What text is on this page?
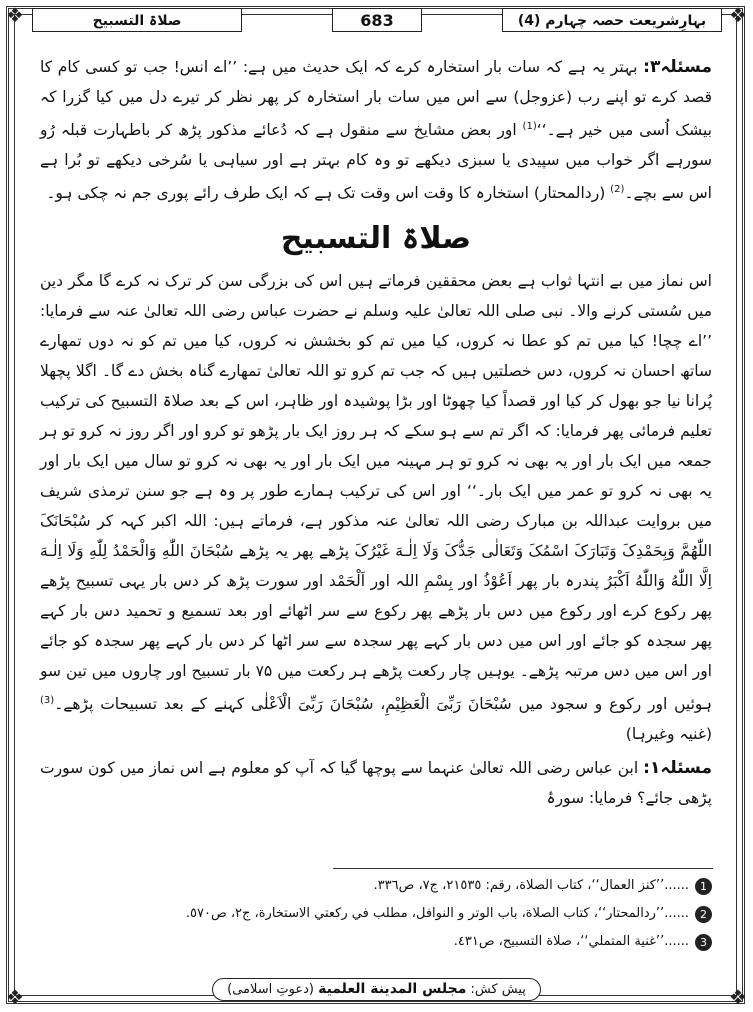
❖	❖
❖	❖
بہارِشریعت حصہ چہارم (4)
683
صلاۃ التسبیح

مسئلہ۳: بہتر یہ ہے کہ سات بار استخارہ کرے کہ ایک حدیث میں ہے: ’’اے انس! جب تو کسی کام کا قصد کرے تو اپنے رب (عزوجل) سے اس میں سات بار استخارہ کر پھر نظر کر تیرے دل میں کیا گزرا کہ بیشک اُسی میں خیر ہے۔‘‘$^{(1)}$ اور بعض مشایخ سے منقول ہے کہ دُعائے مذکور پڑھ کر باطہارت قبلہ رُو سورہے اگر خواب میں سپیدی یا سبزی دیکھے تو وہ کام بہتر ہے اور سیاہی یا سُرخی دیکھے تو بُرا ہے اس سے بچے۔$^{(2)}$ (ردالمحتار) استخارہ کا وقت اس وقت تک ہے کہ ایک طرف رائے پوری جم نہ چکی ہو۔

صلاۃ التسبیح

اس نماز میں بے انتہا ثواب ہے بعض محققین فرماتے ہیں اس کی بزرگی سن کر ترک نہ کرے گا مگر دین میں سُستی کرنے والا۔ نبی صلی اللہ تعالیٰ علیہ وسلم نے حضرت عباس رضی اللہ تعالیٰ عنہ سے فرمایا: ’’اے چچا! کیا میں تم کو عطا نہ کروں، کیا میں تم کو بخشش نہ کروں، کیا میں تم کو نہ دوں تمھارے ساتھ احسان نہ کروں، دس خصلتیں ہیں کہ جب تم کرو تو اللہ تعالیٰ تمھارے گناہ بخش دے گا۔ اگلا پچھلا پُرانا نیا جو بھول کر کیا اور قصداً کیا چھوٹا اور بڑا پوشیدہ اور ظاہر، اس کے بعد صلاۃ التسبیح کی ترکیب تعلیم فرمائی پھر فرمایا: کہ اگر تم سے ہو سکے کہ ہر روز ایک بار پڑھو تو کرو اور اگر روز نہ کرو تو ہر جمعہ میں ایک بار اور یہ بھی نہ کرو تو ہر مہینہ میں ایک بار اور یہ بھی نہ کرو تو سال میں ایک بار اور یہ بھی نہ کرو تو عمر میں ایک بار۔‘‘ اور اس کی ترکیب ہمارے طور پر وہ ہے جو سنن ترمذی شریف میں بروایت عبداللہ بن مبارک رضی اللہ تعالیٰ عنہ مذکور ہے، فرماتے ہیں: اللہ اکبر کہہ کر سُبْحَانَکَ اللّٰھُمَّ وَبِحَمْدِکَ وَتَبَارَکَ اسْمُکَ وَتَعَالٰی جَدُّکَ وَلَا اِلٰـهَ غَیْرُکَ پڑھے پھر یہ پڑھے سُبْحَانَ اللّٰهِ وَالْحَمْدُ لِلّٰهِ وَلَا اِلٰـهَ اِلَّا اللّٰهُ وَاللّٰهُ اَکْبَرُ پندرہ بار پھر اَعُوْذُ اور بِسْمِ اللہ اور اَلْحَمْد اور سورت پڑھ کر دس بار یہی تسبیح پڑھے پھر رکوع کرے اور رکوع میں دس بار پڑھے پھر رکوع سے سر اٹھائے اور بعد تسمیع و تحمید دس بار کہے پھر سجدہ کو جائے اور اس میں دس بار کہے پھر سجدہ سے سر اٹھا کر دس بار کہے پھر سجدہ کو جائے اور اس میں دس مرتبہ پڑھے۔ یوہیں چار رکعت پڑھے ہر رکعت میں ۷۵ بار تسبیح اور چاروں میں تین سو ہوئیں اور رکوع و سجود میں سُبْحَانَ رَبِّیَ الْعَظِیْمِ، سُبْحَانَ رَبِّیَ الْاَعْلٰی کہنے کے بعد تسبیحات پڑھے۔$^{(3)}$ (غنیہ وغیرہا)

مسئلہ۱: ابن عباس رضی اللہ تعالیٰ عنہما سے پوچھا گیا کہ آپ کو معلوم ہے اس نماز میں کون سورت پڑھی جائے؟ فرمایا: سورۂ

1
......’’كنز العمال‘‘، كتاب الصلاة، رقم: ٢١٥٣٥، ج٧، ص٣٣٦.
2
......’’ردالمحتار‘‘، كتاب الصلاة، باب الوتر و النوافل، مطلب في ركعتي الاستخارة، ج٢، ص٥٧٠.
3
......’’غنية المتملي‘‘، صلاة التسبيح، ص٤٣١.
پیش کش: مجلس المدينة العلمية (دعوتِ اسلامی)
